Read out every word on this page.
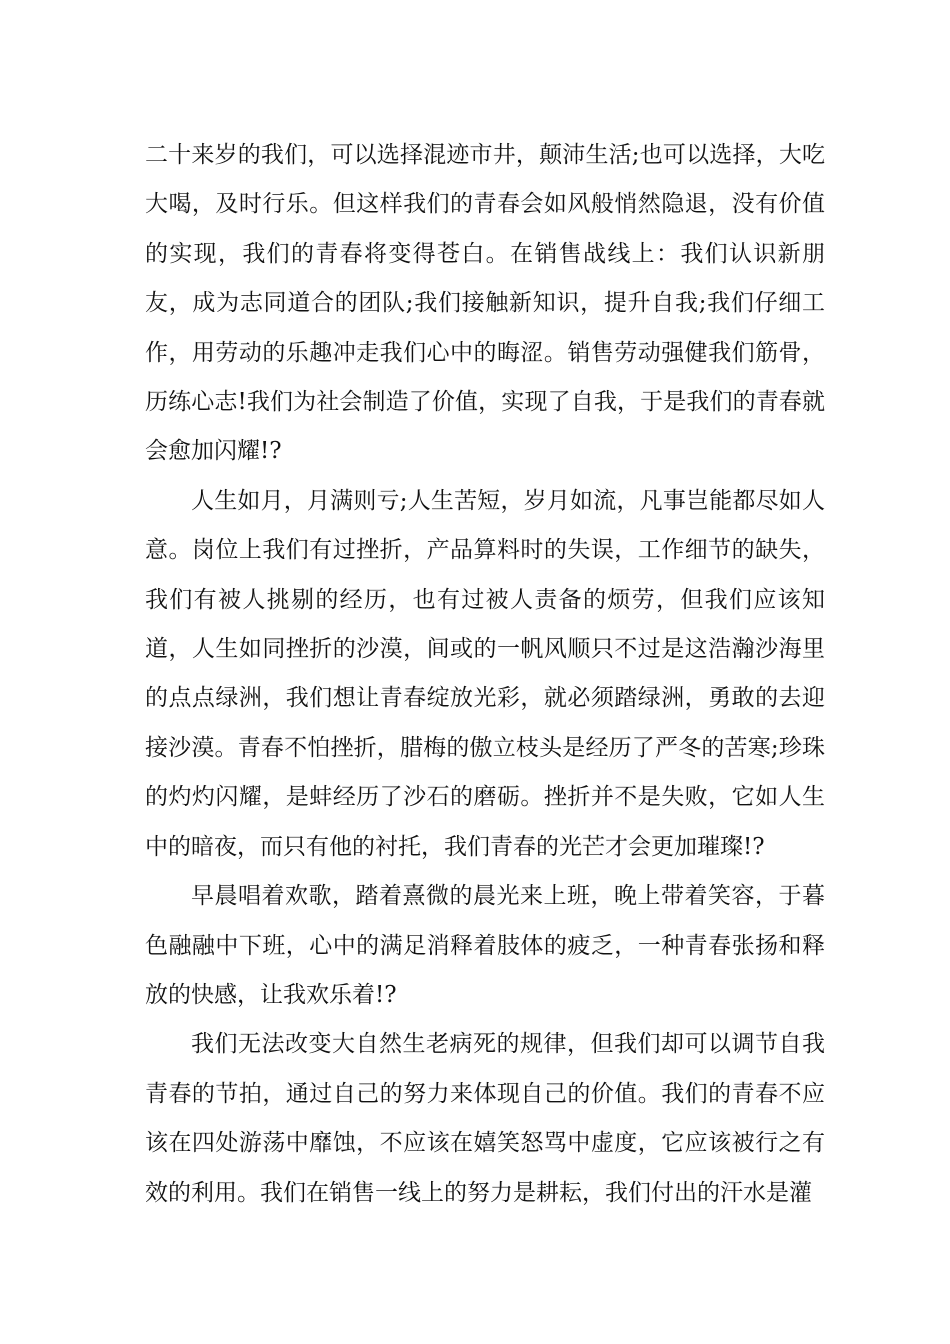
二十来岁的我们，可以选择混迹市井，颠沛生活;也可以选择，大吃大喝，及时行乐。但这样我们的青春会如风般悄然隐退，没有价值的实现，我们的青春将变得苍白。在销售战线上：我们认识新朋友，成为志同道合的团队;我们接触新知识，提升自我;我们仔细工作，用劳动的乐趣冲走我们心中的晦涩。销售劳动强健我们筋骨，历练心志!我们为社会制造了价值，实现了自我，于是我们的青春就会愈加闪耀!?

人生如月，月满则亏;人生苦短，岁月如流，凡事岂能都尽如人意。岗位上我们有过挫折，产品算料时的失误，工作细节的缺失，我们有被人挑剔的经历，也有过被人责备的烦劳，但我们应该知道，人生如同挫折的沙漠，间或的一帆风顺只不过是这浩瀚沙海里的点点绿洲，我们想让青春绽放光彩，就必须踏绿洲，勇敢的去迎接沙漠。青春不怕挫折，腊梅的傲立枝头是经历了严冬的苦寒;珍珠的灼灼闪耀，是蚌经历了沙石的磨砺。挫折并不是失败，它如人生中的暗夜，而只有他的衬托，我们青春的光芒才会更加璀璨!?

早晨唱着欢歌，踏着熹微的晨光来上班，晚上带着笑容，于暮色融融中下班，心中的满足消释着肢体的疲乏，一种青春张扬和释放的快感，让我欢乐着!?

我们无法改变大自然生老病死的规律，但我们却可以调节自我青春的节拍，通过自己的努力来体现自己的价值。我们的青春不应该在四处游荡中靡蚀，不应该在嬉笑怒骂中虚度，它应该被行之有效的利用。我们在销售一线上的努力是耕耘，我们付出的汗水是灌
